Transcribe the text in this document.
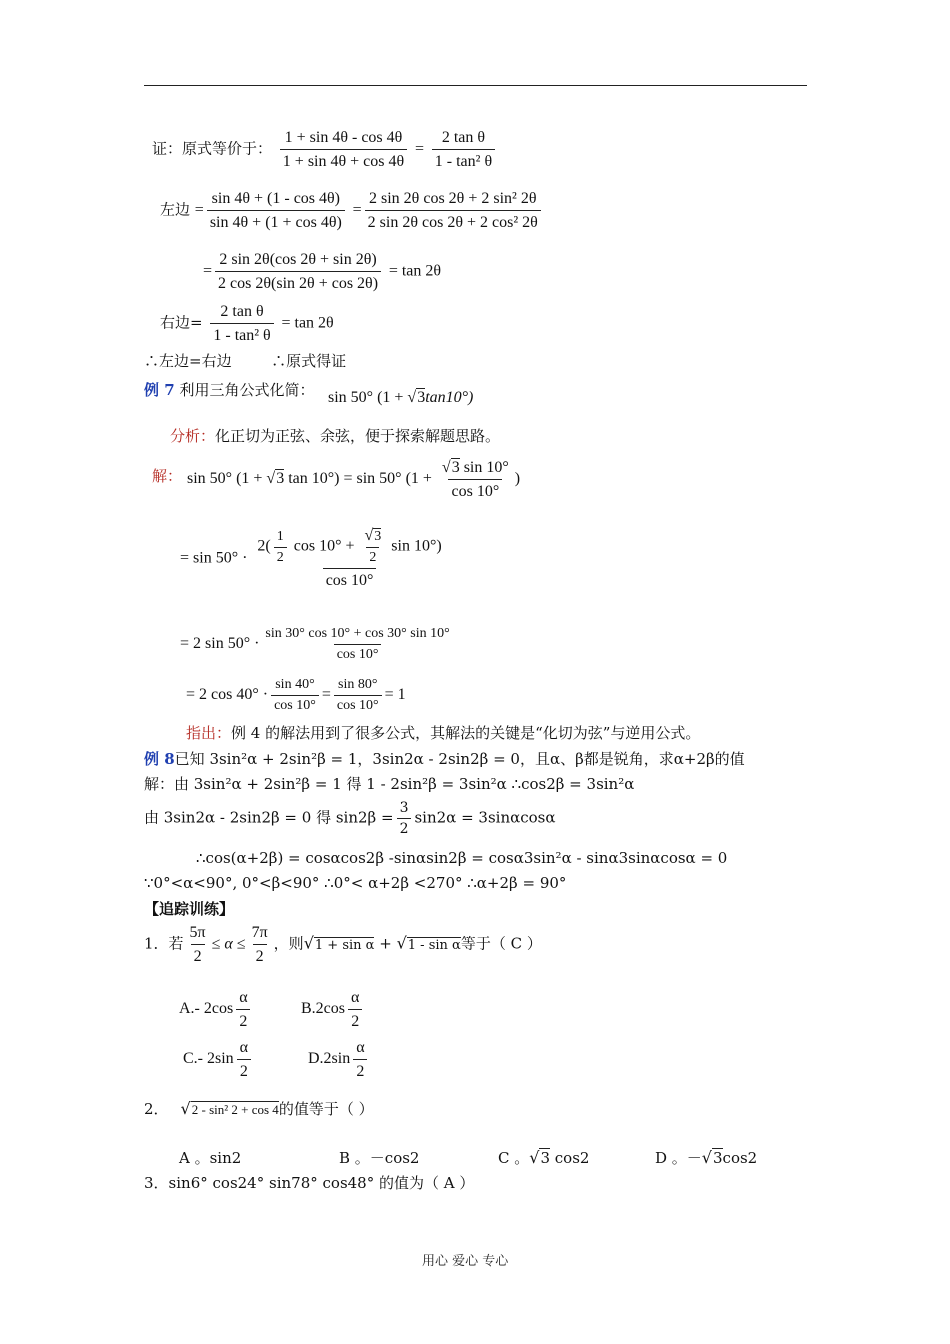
证：原式等价于： $\frac{1 + \sin 4\theta - \cos 4\theta}{1 + \sin 4\theta + \cos 4\theta} = \frac{\text{2 tan θ}}{\text{1 - tan² θ}}$
左边 = $\frac{\sin 4\theta + (1 - \cos 4\theta)}{\sin 4\theta + (1 + \cos 4\theta)} = \frac{\text{2 sin 2θ cos 2θ + 2 sin² 2θ}}{\text{2 sin 2θ cos 2θ + 2 cos² 2θ}}$
= $\frac{2 \sin 2\theta(\cos 2\theta + \sin 2\theta)}{2 \cos 2\theta(\sin 2\theta + \cos 2\theta)} = \tan 2\theta$
右边= $\frac{\text{2 tan θ}}{\text{1 - tan² θ}} = \tan 2\theta$
∴左边=右边	∴原式得证
例 7 利用三角公式化简： sin 50° (1 + √3tan10°)
分析：化正切为正弦、余弦，便于探索解题思路。
解： sin 50° (1 + √3 tan 10°) = sin 50° ($1 + \frac{√3 \sin 10^\circ}{\cos 10^\circ}$ )
= $\sin 50^\circ \cdot \frac{2( \frac{1}{2} \cos 10^\circ + \frac{√3}{2} \sin 10^\circ)}{\cos 10^\circ}$
= 2 $\sin 50^\circ \cdot \frac{\sin 30^\circ \cos 10^\circ + \cos 30^\circ \sin 10^\circ}{\cos 10^\circ}$
= 2 $\cos 40^\circ \cdot \frac{\sin 40^\circ}{\cos 10^\circ} = \frac{\sin 80^\circ}{\cos 10^\circ} = 1$
指出：例 4 的解法用到了很多公式，其解法的关键是“化切为弦”与逆用公式。
例 8已知 3sin²α + 2sin²β = 1，3sin2α - 2sin2β = 0，且α、β都是锐角，求α+2β的值
解：由 3sin²α + 2sin²β = 1 得 1 - 2sin²β = 3sin²α ∴cos2β = 3sin²α
由 3sin2α - 2sin2β = 0 得 $\sin 2\beta = \frac{3}{2} \sin 2\alpha = 3\sin\alpha\cos\alpha$
∴cos(α+2β) = cosαcos2β -sinαsin2β = cosα3sin²α - sinα3sinαcosα = 0
∵0°<α<90°, 0°<β<90° ∴0°< α+2β <270° ∴α+2β = 90°
【追踪训练】
1．若 $\frac{5\pi}{2} \le \alpha \le \frac{7\pi}{2}$ ，则√1 + sin α + √1 - sin α等于（ C ）
A.- $2\cos \frac{\alpha}{2}$	$B.2\cos \frac{\alpha}{2}$
C.- $2\sin \frac{\alpha}{2}$	$D.2\sin \frac{\alpha}{2}$
2． √2 - sin² 2 + cos 4的值等于（ ）
A 。sin2	B 。－cos2	C 。√3 cos2	D 。－√3cos2
3．sin6° cos24° sin78° cos48° 的值为（ A ）
用心 爱心 专心
